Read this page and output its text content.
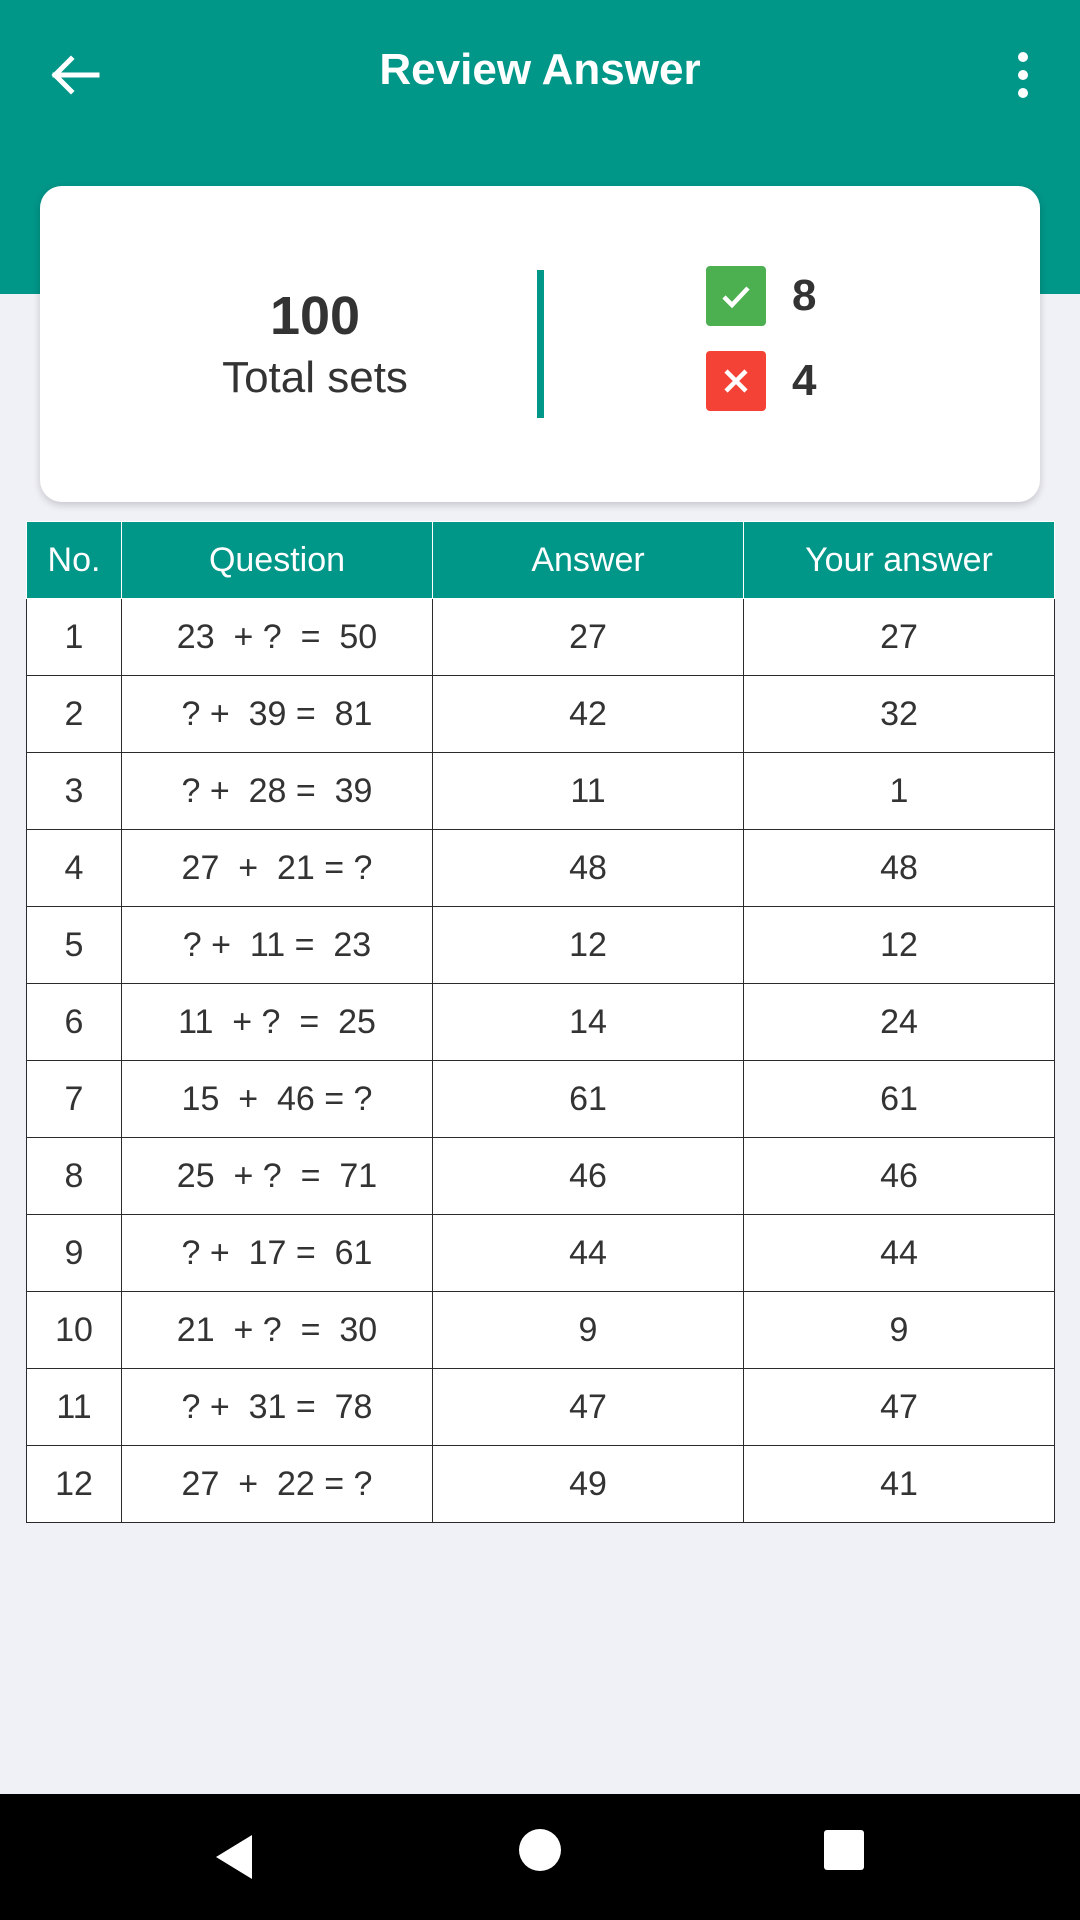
Review Answer
100
Total sets
8
4
No.	Question	Answer	Your answer
1	23  + ?  =  50	27	27
2	? +  39 =  81	42	32
3	? +  28 =  39	11	1
4	27  +  21 = ?	48	48
5	? +  11 =  23	12	12
6	11  + ?  =  25	14	24
7	15  +  46 = ?	61	61
8	25  + ?  =  71	46	46
9	? +  17 =  61	44	44
10	21  + ?  =  30	9	9
11	? +  31 =  78	47	47
12	27  +  22 = ?	49	41
